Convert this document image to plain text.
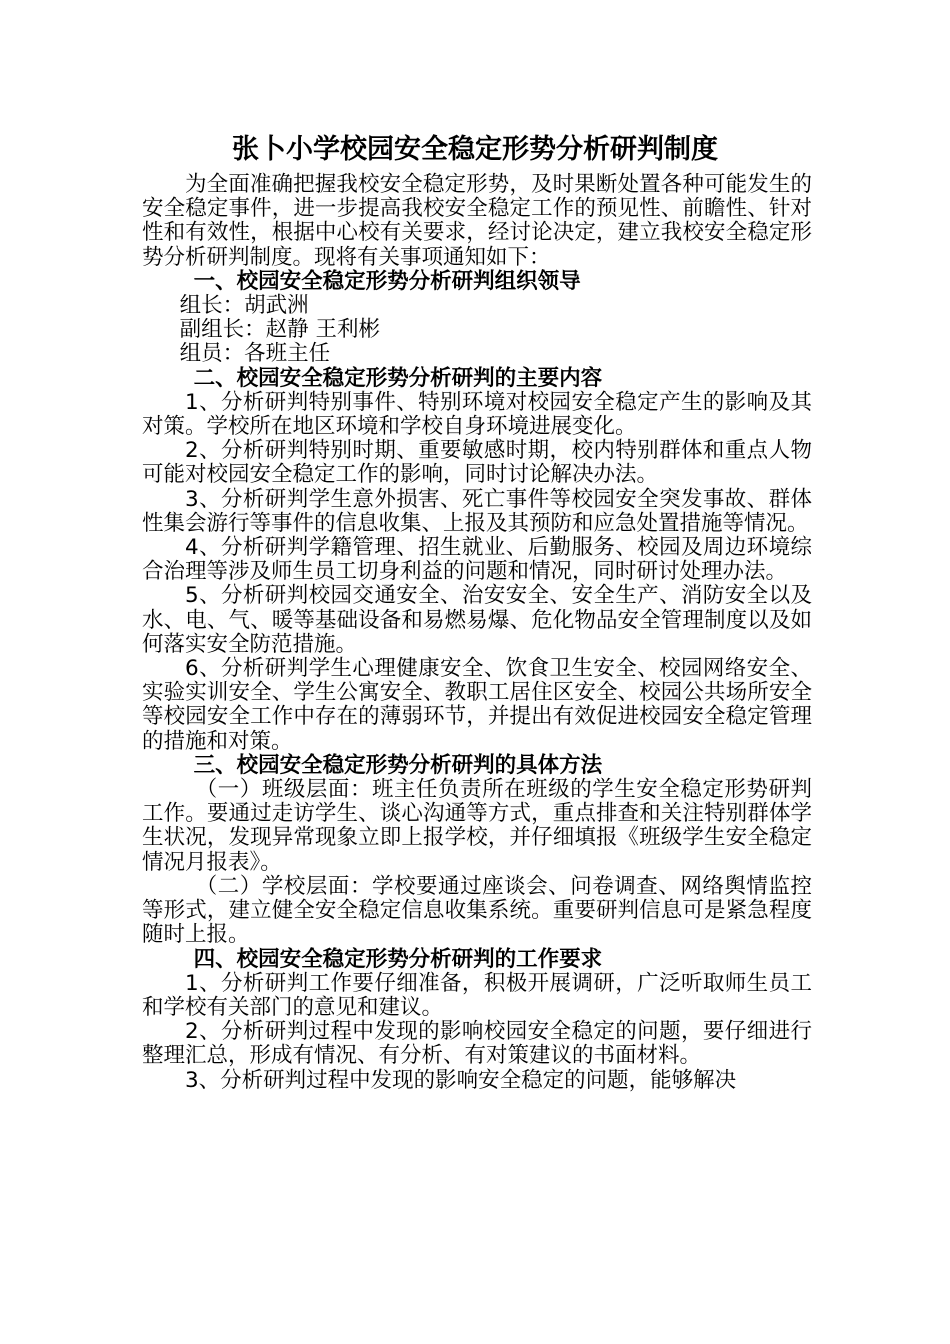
张卜小学校园安全稳定形势分析研判制度

为全面准确把握我校安全稳定形势，及时果断处置各种可能发生的安全稳定事件，进一步提高我校安全稳定工作的预见性、前瞻性、针对性和有效性，根据中心校有关要求，经讨论决定，建立我校安全稳定形势分析研判制度。现将有关事项通知如下：

一、校园安全稳定形势分析研判组织领导

组长：胡武洲

副组长：赵静 王利彬

组员：各班主任

二、校园安全稳定形势分析研判的主要内容

1、分析研判特别事件、特别环境对校园安全稳定产生的影响及其对策。学校所在地区环境和学校自身环境进展变化。

2、分析研判特别时期、重要敏感时期，校内特别群体和重点人物可能对校园安全稳定工作的影响，同时讨论解决办法。

3、分析研判学生意外损害、死亡事件等校园安全突发事故、群体性集会游行等事件的信息收集、上报及其预防和应急处置措施等情况。

4、分析研判学籍管理、招生就业、后勤服务、校园及周边环境综合治理等涉及师生员工切身利益的问题和情况，同时研讨处理办法。

5、分析研判校园交通安全、治安安全、安全生产、消防安全以及水、电、气、暖等基础设备和易燃易爆、危化物品安全管理制度以及如何落实安全防范措施。

6、分析研判学生心理健康安全、饮食卫生安全、校园网络安全、实验实训安全、学生公寓安全、教职工居住区安全、校园公共场所安全等校园安全工作中存在的薄弱环节，并提出有效促进校园安全稳定管理的措施和对策。

三、校园安全稳定形势分析研判的具体方法

（一）班级层面：班主任负责所在班级的学生安全稳定形势研判工作。要通过走访学生、谈心沟通等方式，重点排查和关注特别群体学生状况，发现异常现象立即上报学校，并仔细填报《班级学生安全稳定情况月报表》。

（二）学校层面：学校要通过座谈会、问卷调查、网络舆情监控等形式，建立健全安全稳定信息收集系统。重要研判信息可是紧急程度随时上报。

四、校园安全稳定形势分析研判的工作要求

1、分析研判工作要仔细准备，积极开展调研，广泛听取师生员工和学校有关部门的意见和建议。

2、分析研判过程中发现的影响校园安全稳定的问题，要仔细进行整理汇总，形成有情况、有分析、有对策建议的书面材料。

3、分析研判过程中发现的影响安全稳定的问题，能够解决
